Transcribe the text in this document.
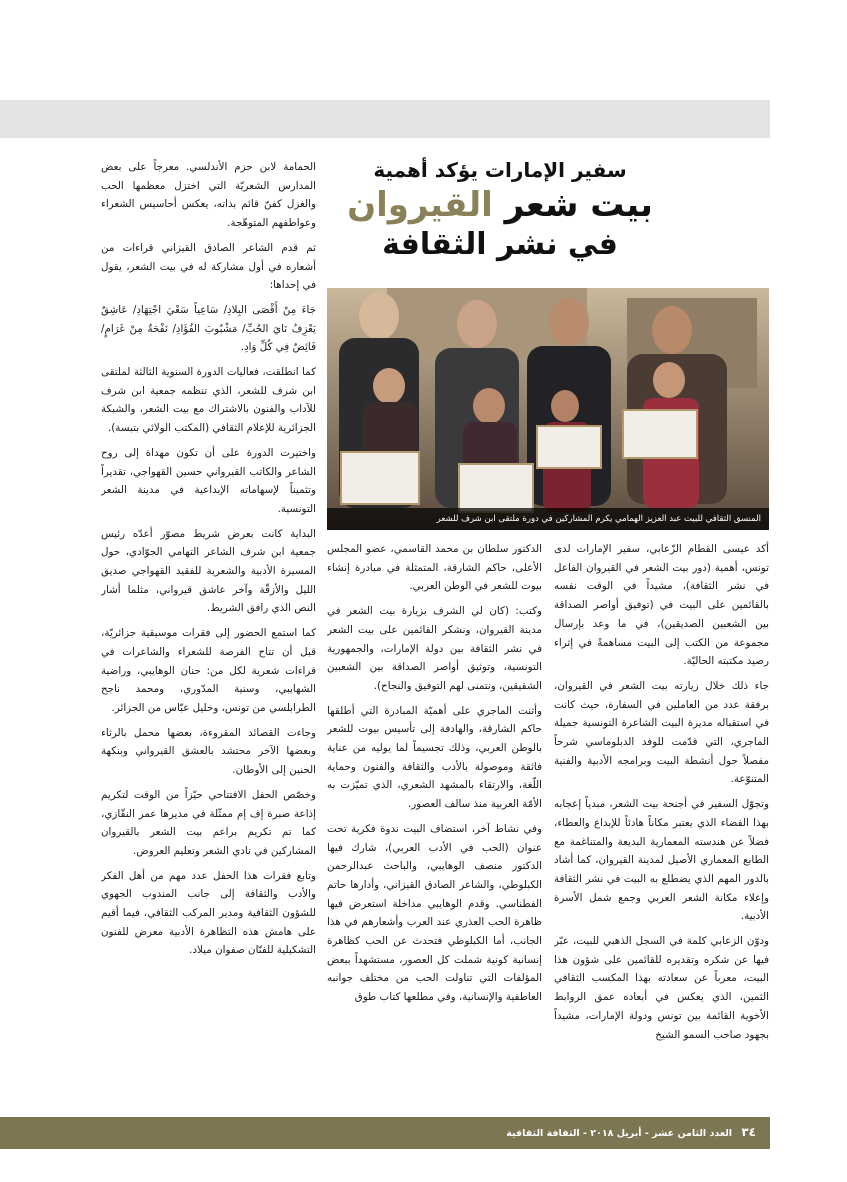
سفير الإمارات يؤكد أهمية

بيت شعر القيروان
في نشر الثقافة
المنسق الثقافي للبيت عبد العزيز الهمامي يكرم المشاركين في دورة ملتقى ابن شرف للشعر

أكد عيسى القطام الزّعابي، سفير الإمارات لدى تونس، أهمية (دور بيت الشعر في القيروان الفاعل في نشر الثقافة)، مشيداً في الوقت نفسه بالقائمين على البيت في (توفيق أواصر الصداقة بين الشعبين الصديقين)، في ما وعد بإرسال مجموعة من الكتب إلى البيت مساهمةً في إثراء رصيد مكتبته الحاليّة.

جاء ذلك خلال زيارته بيت الشعر في القيروان، برفقة عدد من العاملين في السفارة، حيث كانت في استقباله مديرة البيت الشاعرة التونسية جميلة الماجري، التي قدّمت للوفد الدبلوماسي شرحاً مفصلاً حول أنشطة البيت وبرامجه الأدبية والفنية المتنوّعة.

وتجوّل السفير في أجنحة بيت الشعر، مبدياً إعجابه بهذا الفضاء الذي يعتبر مكاناً هادئاً للإبداع والعطاء، فضلاً عن هندسته المعمارية البديعة والمتناغمة مع الطابع المعماري الأصيل لمدينة القيروان، كما أشاد بالدور المهم الذي يضطلع به البيت في نشر الثقافة وإعلاء مكانة الشعر العربي وجمع شمل الأسرة الأدبية.

ودوّن الزعابي كلمة في السجل الذهبي للبيت، عبّر فيها عن شكره وتقديره للقائمين على شؤون هذا البيت، معرباً عن سعادته بهذا المكسب الثقافي الثمين، الذي يعكس في أبعاده عمق الروابط الأخوية القائمة بين تونس ودولة الإمارات، مشيداً بجهود صاحب السمو الشيخ

الدكتور سلطان بن محمد القاسمي، عضو المجلس الأعلى، حاكم الشارقة، المتمثلة في مبادرة إنشاء بيوت للشعر في الوطن العربي.

وكتب: (كان لي الشرف بزيارة بيت الشعر في مدينة القيروان، ونشكر القائمين على بيت الشعر في نشر الثقافة بين دولة الإمارات، والجمهورية التونسية، وتوثيق أواصر الصداقة بين الشعبين الشقيقين، ونتمنى لهم التوفيق والنجاح).

وأثنت الماجري على أهميّة المبادرة التي أطلقها حاكم الشارقة، والهادفة إلى تأسيس بيوت للشعر بالوطن العربي، وذلك تجسيماً لما يوليه من عناية فائقة وموصولة بالأدب والثقافة والفنون وحماية اللّغة، والارتقاء بالمشهد الشعري، الذي تميّزت به الأمّة العربية منذ سالف العصور.

وفي نشاط آخر، استضاف البيت ندوة فكرية تحت عنوان (الحب في الأدب العربي)، شارك فيها الدكتور منصف الوهايبي، والباحث عبدالرحمن الكبلوطي، والشاعر الصادق القيزاني، وأدارها حاتم الفطناسي. وقدم الوهايبي مداخلة استعرض فيها ظاهرة الحب العذري عند العرب وأشعارهم في هذا الجانب، أما الكبلوطي فتحدث عن الحب كظاهرة إنسانية كونية شملت كل العصور، مستشهداً ببعض المؤلفات التي تناولت الحب من مختلف جوانبه العاطفية والإنسانية، وفي مطلعها كتاب طوق

الحمامة لابن حزم الأندلسي. معرجاً على بعض المدارس الشعريّة التي اختزل معظمها الحب والغزل كفنّ قائم بذاته، يعكس أحاسيس الشعراء وعواطفهم المتوهّجة.

ثم قدم الشاعر الصادق القيزاني قراءات من أشعاره في أول مشاركة له في بيت الشعر، يقول في إحداها:

جَاءَ مِنْ أَقْصَى البِلادِ/ سَاعِياً سَعْيَ اجْتِهَادِ/ عَاشِقٌ يَعْزِفُ نَايَ الحُبِّ/ مَشْبُوبَ الفُؤَادِ/ نَفْحَةٌ مِنْ غَرَامٍ/ فَائِضٌ فِي كُلِّ وَادِ.

كما انطلقت، فعاليات الدورة السنوية الثالثة لملتقى ابن شرف للشعر، الذي تنظمه جمعية ابن شرف للآداب والفنون بالاشتراك مع بيت الشعر، والشبكة الجزائرية للإعلام الثقافي (المكتب الولائي بتبسة).

واختيرت الدورة على أن تكون مهداة إلى روح الشاعر والكاتب القيرواني حسين القهواجي، تقديراً وتثميناً لإسهاماته الإبداعية في مدينة الشعر التونسية.

البداية كانت بعرض شريط مصوّر أعدّه رئيس جمعية ابن شرف الشاعر التهامي الجوّادي، حول المسيرة الأدبية والشعرية للفقيد القهواجي صديق الليل والأزقّة وآخر عاشق قيرواني، مثلما أشار النص الذي رافق الشريط.

كما استمع الحضور إلى فقرات موسيقية جزائريّة، قبل أن تتاح الفرصة للشعراء والشاعرات في قراءات شعرية لكل من: حنان الوهايبي، وراضية الشهايبي، وسنية المدّوري، ومحمد ناجح الطرابلسي من تونس، وخليل عبّاس من الجزائر.

وجاءت القصائد المقروءة، بعضها محمل بالرثاء وبعضها الآخر محتشد بالعشق القيرواني وبنكهة الحنين إلى الأوطان.

وخصّص الحفل الافتتاحي حيّزاً من الوقت لتكريم إذاعة صبرة إف إم ممثّلة في مديرها عمر النقّازي، كما تم تكريم براعم بيت الشعر بالقيروان المشاركين في نادي الشعر وتعليم العروض.

وتابع فقرات هذا الحفل عدد مهم من أهل الفكر والأدب والثقافة إلى جانب المندوب الجهوي للشؤون الثقافية ومدير المركب الثقافي، فيما أقيم على هامش هذه التظاهرة الأدبية معرض للفنون التشكيلية للفنّان صفوان ميلاد.

٣٤ العدد الثامن عشر - أبريل ٢٠١٨ - الثقافة الثقافية
